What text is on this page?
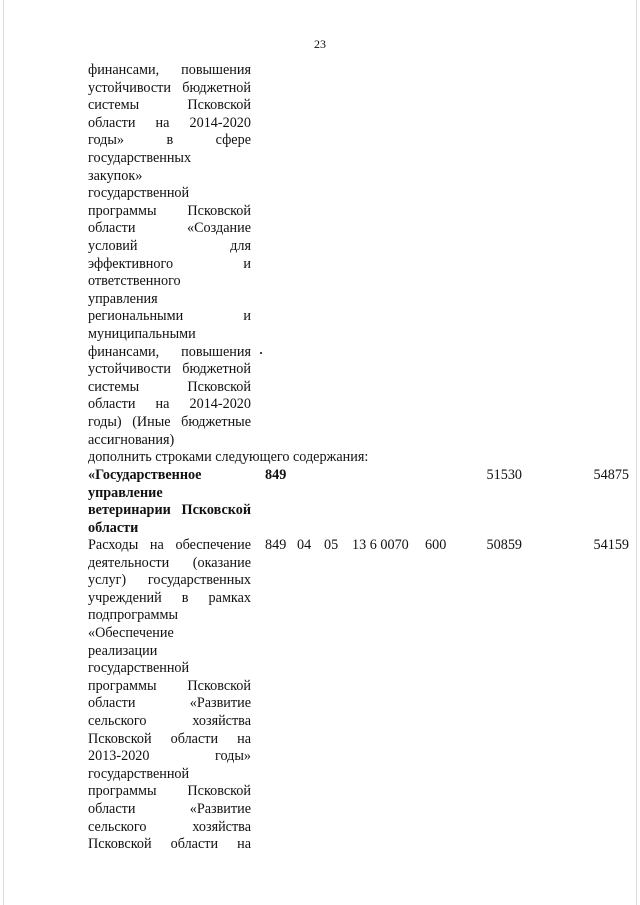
23
финансами, повышения
устойчивости бюджетной
системы Псковской
области на 2014-2020
годы» в сфере
государственных
закупок»
государственной
программы Псковской
области «Создание
условий для
эффективного и
ответственного
управления
региональными и
муниципальными
финансами, повышения
устойчивости бюджетной
системы Псковской
области на 2014-2020
годы) (Иные бюджетные
ассигнования)
дополнить строками следующего содержания:
«Государственное
управление
ветеринарии Псковской
области
849	51530	54875
Расходы на обеспечение
деятельности (оказание
услуг) государственных
учреждений в рамках
подпрограммы
«Обеспечение
реализации
государственной
программы Псковской
области «Развитие
сельского хозяйства
Псковской области на
2013-2020 годы»
государственной
программы Псковской
области «Развитие
сельского хозяйства
Псковской области на
849 04 05 13 6 0070 600	50859	54159
